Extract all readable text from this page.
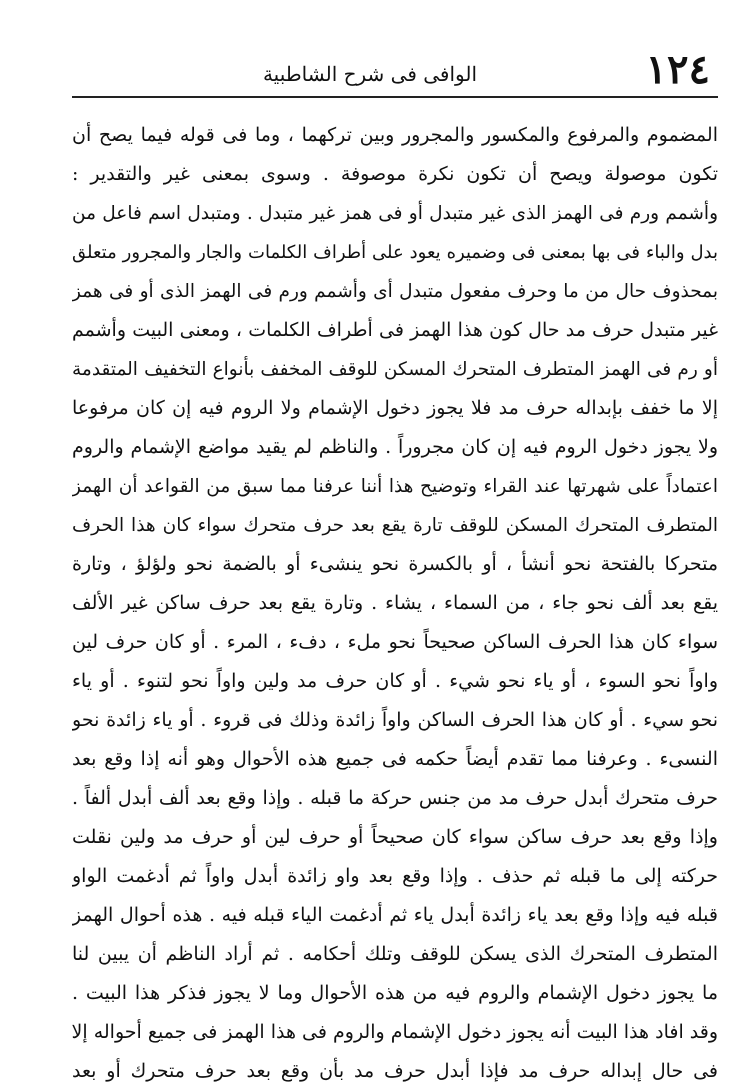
١٢٤
الوافى فى شرح الشاطبية
المضموم والمرفوع والمكسور والمجرور وبين تركهما ، وما فى قوله فيما يصح أن
تكون موصولة ويصح أن تكون نكرة موصوفة . وسوى بمعنى غير والتقدير :
وأشمم ورم فى الهمز الذى غير متبدل أو فى همز غير متبدل . ومتبدل اسم فاعل من
بدل والباء فى بها بمعنى فى وضميره يعود على أطراف الكلمات والجار والمجرور متعلق
بمحذوف حال من ما وحرف مفعول متبدل أى وأشمم ورم فى الهمز الذى أو فى همز
غير متبدل حرف مد حال كون هذا الهمز فى أطراف الكلمات ، ومعنى البيت وأشمم
أو رم فى الهمز المتطرف المتحرك المسكن للوقف المخفف بأنواع التخفيف المتقدمة
إلا ما خفف بإبداله حرف مد فلا يجوز دخول الإشمام ولا الروم فيه إن كان مرفوعا
ولا يجوز دخول الروم فيه إن كان مجروراً . والناظم لم يقيد مواضع الإشمام والروم
اعتماداً على شهرتها عند القراء وتوضيح هذا أننا عرفنا مما سبق من القواعد أن الهمز
المتطرف المتحرك المسكن للوقف تارة يقع بعد حرف متحرك سواء كان هذا الحرف
متحركا بالفتحة نحو أنشأ ، أو بالكسرة نحو ينشىء أو بالضمة نحو ولؤلؤ ، وتارة
يقع بعد ألف نحو جاء ، من السماء ، يشاء . وتارة يقع بعد حرف ساكن غير الألف
سواء كان هذا الحرف الساكن صحيحاً نحو ملء ، دفء ، المرء . أو كان حرف لين
واواً نحو السوء ، أو ياء نحو شيء . أو كان حرف مد ولين واواً نحو لتنوء . أو ياء
نحو سيء . أو كان هذا الحرف الساكن واواً زائدة وذلك فى قروء . أو ياء زائدة نحو
النسىء . وعرفنا مما تقدم أيضاً حكمه فى جميع هذه الأحوال وهو أنه إذا وقع بعد
حرف متحرك أبدل حرف مد من جنس حركة ما قبله . وإذا وقع بعد ألف أبدل ألفاً .
وإذا وقع بعد حرف ساكن سواء كان صحيحاً أو حرف لين أو حرف مد ولين نقلت
حركته إلى ما قبله ثم حذف . وإذا وقع بعد واو زائدة أبدل واواً ثم أدغمت الواو
قبله فيه وإذا وقع بعد ياء زائدة أبدل ياء ثم أدغمت الياء قبله فيه . هذه أحوال الهمز
المتطرف المتحرك الذى يسكن للوقف وتلك أحكامه . ثم أراد الناظم أن يبين لنا
ما يجوز دخول الإشمام والروم فيه من هذه الأحوال وما لا يجوز فذكر هذا البيت .
وقد افاد هذا البيت أنه يجوز دخول الإشمام والروم فى هذا الهمز فى جميع أحواله إلا
فى حال إبداله حرف مد فإذا أبدل حرف مد بأن وقع بعد حرف متحرك أو بعد
